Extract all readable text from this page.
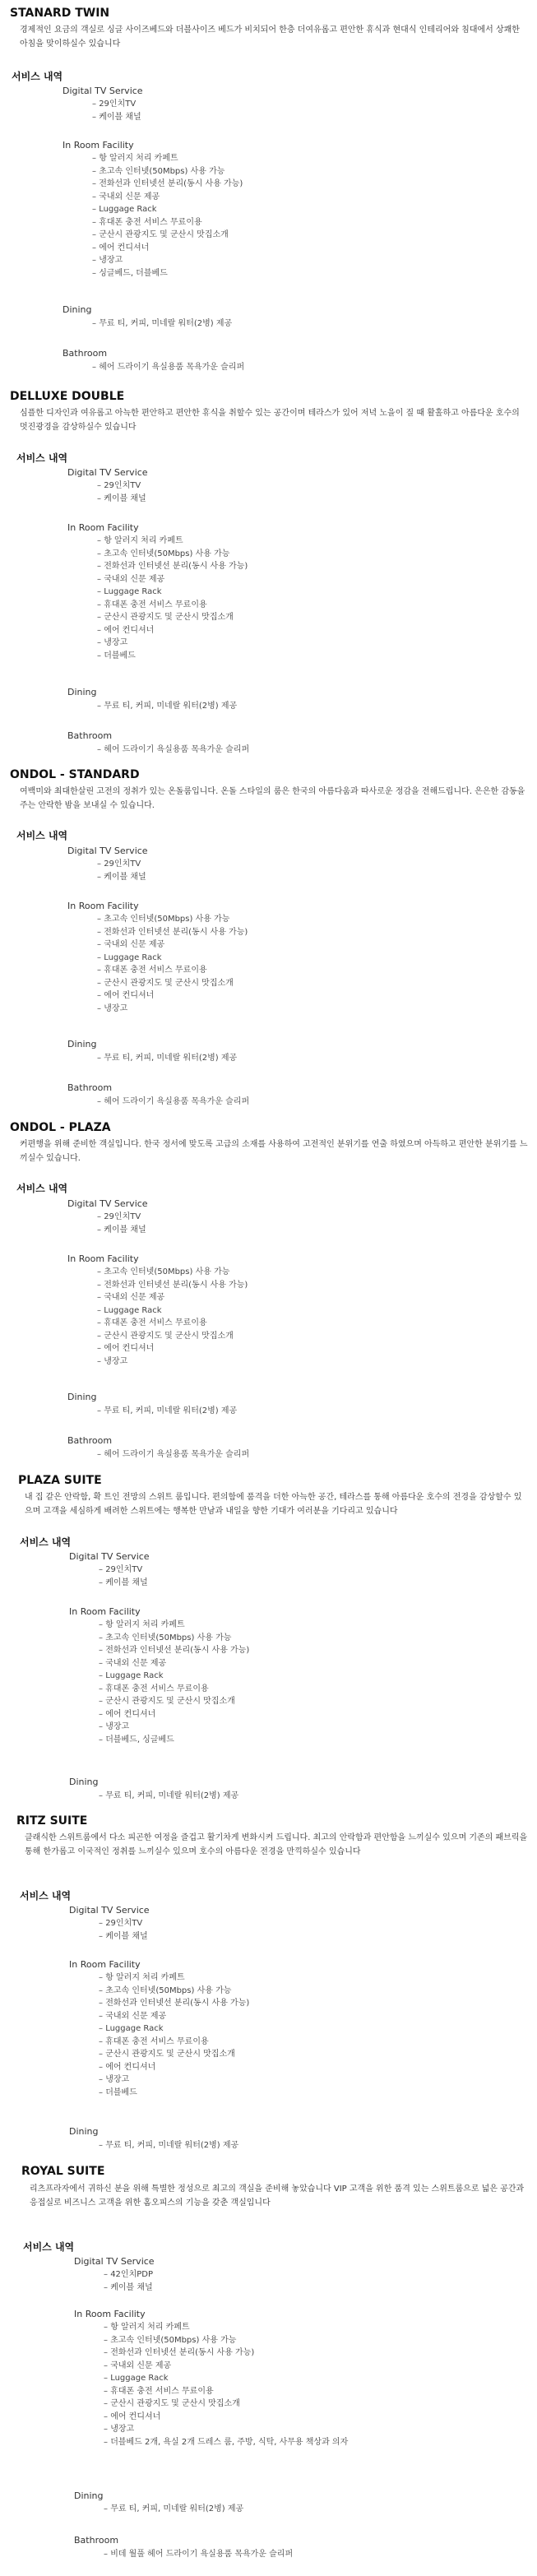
STANARD TWIN

경제적인 요금의 객실로 싱글 사이즈베드와 더블사이즈 베드가 비치되어 한층 더여유롭고 편안한 휴식과 현대식 인테리어와 침대에서 상쾌한 아침을 맞이하실수 있습니다

서비스 내역
Digital TV Service
– 29인치TV
– 케이블 채널
In Room Facility
– 항 알러지 처리 카페트
– 초고속 인터넷(50Mbps) 사용 가능
– 전화선과 인터넷선 분리(동시 사용 가능)
– 국내외 신문 제공
– Luggage Rack
– 휴대폰 충전 서비스 무료이용
– 군산시 관광지도 및 군산시 맛집소개
– 에어 컨디셔너
– 냉장고
– 싱글베드, 더블베드
Dining
– 무료 티, 커피, 미네랄 워터(2병) 제공
Bathroom
– 헤어 드라이기 욕실용품 목욕가운 슬리퍼
DELLUXE DOUBLE

심플한 디자인과 여유롭고 아늑한 편안하고 편안한 휴식을 취할수 있는 공간이며 테라스가 있어 저녁 노을이 질 때 활홀하고 아름다운 호수의 멋진광경을 감상하실수 있습니다

서비스 내역
Digital TV Service
– 29인치TV
– 케이블 채널
In Room Facility
– 항 알러지 처리 카페트
– 초고속 인터넷(50Mbps) 사용 가능
– 전화선과 인터넷선 분리(동시 사용 가능)
– 국내외 신문 제공
– Luggage Rack
– 휴대폰 충전 서비스 무료이용
– 군산시 관광지도 및 군산시 맛집소개
– 에어 컨디셔너
– 냉장고
– 더블베드
Dining
– 무료 티, 커피, 미네랄 워터(2병) 제공
Bathroom
– 헤어 드라이기 욕실용품 목욕가운 슬리퍼
ONDOL - STANDARD

여백미와 최대한살린 고전의 정취가 있는 온돌룸입니다. 온돌 스타일의 룸은 한국의 아름다움과 따사로운 정감을 전해드립니다. 은은한 감동을 주는 안락한 밤을 보내실 수 있습니다.

서비스 내역
Digital TV Service
– 29인치TV
– 케이블 채널
In Room Facility
– 초고속 인터넷(50Mbps) 사용 가능
– 전화선과 인터넷선 분리(동시 사용 가능)
– 국내외 신문 제공
– Luggage Rack
– 휴대폰 충전 서비스 무료이용
– 군산시 관광지도 및 군산시 맛집소개
– 에어 컨디셔너
– 냉장고
Dining
– 무료 티, 커피, 미네랄 워터(2병) 제공
Bathroom
– 헤어 드라이기 욕실용품 목욕가운 슬리퍼
ONDOL - PLAZA

커편행을 위해 준비한 객실입니다. 한국 정서에 맞도록 고급의 소재를 사용하여 고전적인 분위기를 연출 하였으며 아득하고 편안한 분위기를 느끼실수 있습니다.

서비스 내역
Digital TV Service
– 29인치TV
– 케이블 채널
In Room Facility
– 초고속 인터넷(50Mbps) 사용 가능
– 전화선과 인터넷선 분리(동시 사용 가능)
– 국내외 신문 제공
– Luggage Rack
– 휴대폰 충전 서비스 무료이용
– 군산시 관광지도 및 군산시 맛집소개
– 에어 컨디셔너
– 냉장고
Dining
– 무료 티, 커피, 미네랄 워터(2병) 제공
Bathroom
– 헤어 드라이기 욕실용품 목욕가운 슬리퍼
PLAZA SUITE

내 집 같은 안락함, 확 트인 전망의 스위트 룸입니다. 편의함에 품격을 더한 아늑한 공간, 테라스를 통해 아름다운 호수의 전경을 감상할수 있으며 고객을 세심하게 배려한 스위트에는 행복한 만남과 내일을 향한 기대가 여러분을 기다리고 있습니다

서비스 내역
Digital TV Service
– 29인치TV
– 케이블 채널
In Room Facility
– 항 알러지 처리 카페트
– 초고속 인터넷(50Mbps) 사용 가능
– 전화선과 인터넷선 분리(동시 사용 가능)
– 국내외 신문 제공
– Luggage Rack
– 휴대폰 충전 서비스 무료이용
– 군산시 관광지도 및 군산시 맛집소개
– 에어 컨디셔너
– 냉장고
– 더블베드, 싱글베드
Dining
– 무료 티, 커피, 미네랄 워터(2병) 제공
RITZ SUITE

클래식한 스위트룸에서 다소 피곤한 여정을 즐겁고 활기차게 변화시켜 드립니다. 최고의 안락함과 편안함을 느끼실수 있으며 기존의 패브릭을 통해 한가롭고 이국적인 정취를 느끼실수 있으며 호수의 아름다운 전경을 만끽하실수 있습니다

서비스 내역
Digital TV Service
– 29인치TV
– 케이블 채널
In Room Facility
– 항 알러지 처리 카페트
– 초고속 인터넷(50Mbps) 사용 가능
– 전화선과 인터넷선 분리(동시 사용 가능)
– 국내외 신문 제공
– Luggage Rack
– 휴대폰 충전 서비스 무료이용
– 군산시 관광지도 및 군산시 맛집소개
– 에어 컨디셔너
– 냉장고
– 더블베드
Dining
– 무료 티, 커피, 미네랄 워터(2병) 제공
ROYAL SUITE

리츠프라자에서 귀하신 분을 위해 특별한 정성으로 최고의 객실을 준비해 놓았습니다 VIP 고객을 위한 품격 있는 스위트룸으로 넓은 공간과 응접실로 비즈니스 고객을 위한 홈오피스의 기능을 갖춘 객실입니다

서비스 내역
Digital TV Service
– 42인치PDP
– 케이블 채널
In Room Facility
– 항 알러지 처리 카페트
– 초고속 인터넷(50Mbps) 사용 가능
– 전화선과 인터넷선 분리(동시 사용 가능)
– 국내외 신문 제공
– Luggage Rack
– 휴대폰 충전 서비스 무료이용
– 군산시 관광지도 및 군산시 맛집소개
– 에어 컨디셔너
– 냉장고
– 더블베드 2개, 욕실 2개 드레스 룸, 주방, 식탁, 사무용 책상과 의자
Dining
– 무료 티, 커피, 미네랄 워터(2병) 제공
Bathroom
– 비데 월풀 헤어 드라이기 욕실용품 목욕가운 슬리퍼
